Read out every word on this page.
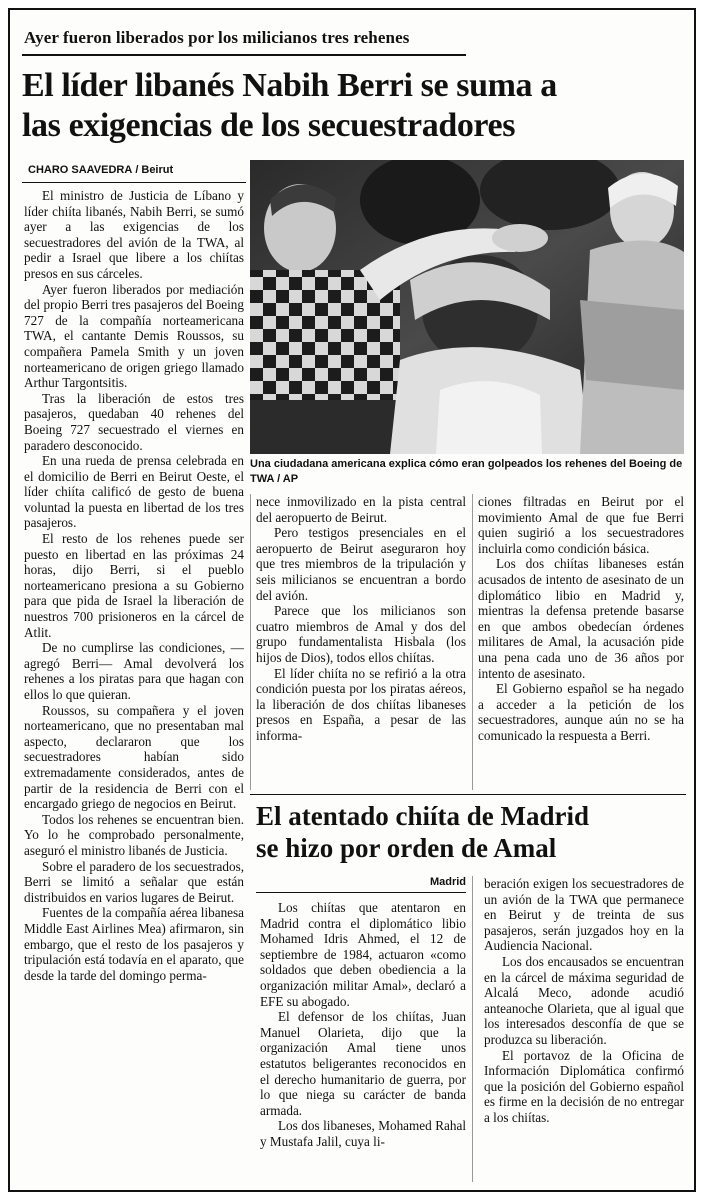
Ayer fueron liberados por los milicianos tres rehenes
El líder libanés Nabih Berri se suma a
las exigencias de los secuestradores
CHARO SAAVEDRA / Beirut
Una ciudadana americana explica cómo eran golpeados los rehenes del Boeing de TWA / AP

El ministro de Justicia de Líbano y líder chiíta libanés, Nabih Berri, se sumó ayer a las exigencias de los secuestradores del avión de la TWA, al pedir a Israel que libere a los chiítas presos en sus cárceles.

Ayer fueron liberados por mediación del propio Berri tres pasajeros del Boeing 727 de la compañía norteamericana TWA, el cantante Demis Roussos, su compañera Pamela Smith y un joven norteamericano de origen griego llamado Arthur Targontsitis.

Tras la liberación de estos tres pasajeros, quedaban 40 rehenes del Boeing 727 secuestrado el viernes en paradero desconocido.

En una rueda de prensa celebrada en el domicilio de Berri en Beirut Oeste, el líder chiíta calificó de gesto de buena voluntad la puesta en libertad de los tres pasajeros.

El resto de los rehenes puede ser puesto en libertad en las próximas 24 horas, dijo Berri, si el pueblo norteamericano presiona a su Gobierno para que pida de Israel la liberación de nuestros 700 prisioneros en la cárcel de Atlit.

De no cumplirse las condiciones, —agregó Berri— Amal devolverá los rehenes a los piratas para que hagan con ellos lo que quieran.

Roussos, su compañera y el joven norteamericano, que no presentaban mal aspecto, declararon que los secuestradores habían sido extremadamente considerados, antes de partir de la residencia de Berri con el encargado griego de negocios en Beirut.

Todos los rehenes se encuentran bien. Yo lo he comprobado personalmente, aseguró el ministro libanés de Justicia.

Sobre el paradero de los secuestrados, Berri se limitó a señalar que están distribuidos en varios lugares de Beirut.

Fuentes de la compañía aérea libanesa Middle East Airlines Mea) afirmaron, sin embargo, que el resto de los pasajeros y tripulación está todavía en el aparato, que desde la tarde del domingo perma-

nece inmovilizado en la pista central del aeropuerto de Beirut.

Pero testigos presenciales en el aeropuerto de Beirut aseguraron hoy que tres miembros de la tripulación y seis milicianos se encuentran a bordo del avión.

Parece que los milicianos son cuatro miembros de Amal y dos del grupo fundamentalista Hisbala (los hijos de Dios), todos ellos chiítas.

El líder chiíta no se refirió a la otra condición puesta por los piratas aéreos, la liberación de dos chiítas libaneses presos en España, a pesar de las informa-

ciones filtradas en Beirut por el movimiento Amal de que fue Berri quien sugirió a los secuestradores incluirla como condición básica.

Los dos chiítas libaneses están acusados de intento de asesinato de un diplomático libio en Madrid y, mientras la defensa pretende basarse en que ambos obedecían órdenes militares de Amal, la acusación pide una pena cada uno de 36 años por intento de asesinato.

El Gobierno español se ha negado a acceder a la petición de los secuestradores, aunque aún no se ha comunicado la respuesta a Berri.

El atentado chiíta de Madrid
se hizo por orden de Amal
Madrid

Los chiítas que atentaron en Madrid contra el diplomático libio Mohamed Idris Ahmed, el 12 de septiembre de 1984, actuaron «como soldados que deben obediencia a la organización militar Amal», declaró a EFE su abogado.

El defensor de los chiítas, Juan Manuel Olarieta, dijo que la organización Amal tiene unos estatutos beligerantes reconocidos en el derecho humanitario de guerra, por lo que niega su carácter de banda armada.

Los dos libaneses, Mohamed Rahal y Mustafa Jalil, cuya li-

beración exigen los secuestradores de un avión de la TWA que permanece en Beirut y de treinta de sus pasajeros, serán juzgados hoy en la Audiencia Nacional.

Los dos encausados se encuentran en la cárcel de máxima seguridad de Alcalá Meco, adonde acudió anteanoche Olarieta, que al igual que los interesados desconfía de que se produzca su liberación.

El portavoz de la Oficina de Información Diplomática confirmó que la posición del Gobierno español es firme en la decisión de no entregar a los chiítas.
